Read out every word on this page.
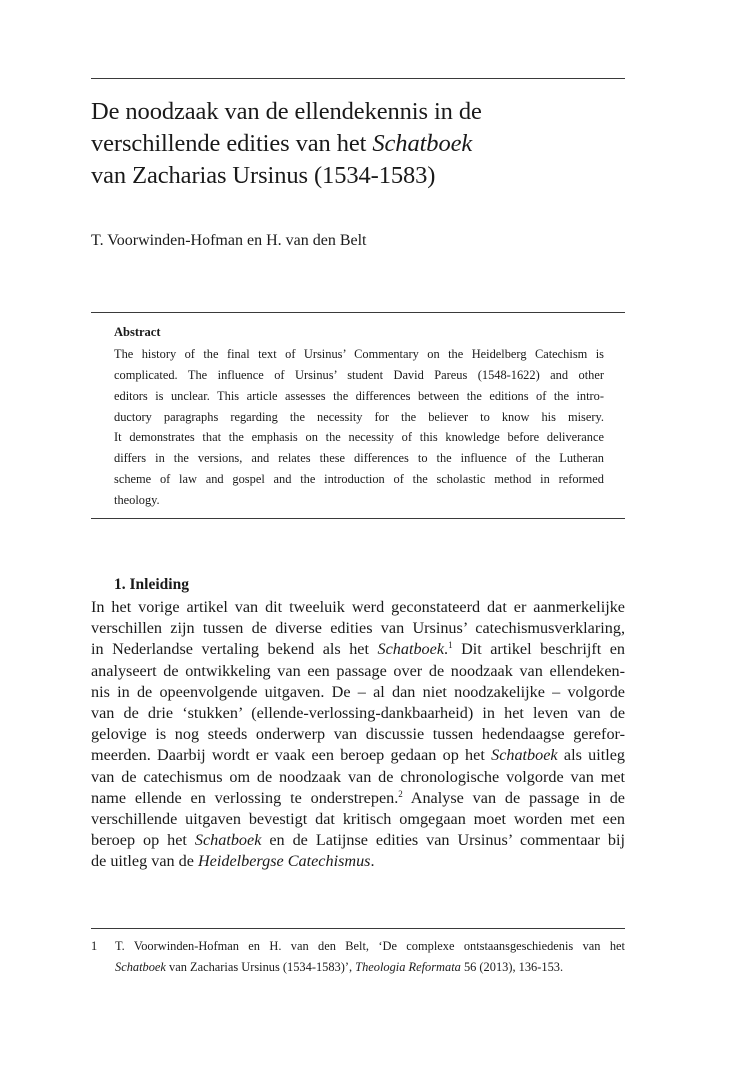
De noodzaak van de ellendekennis in de
verschillende edities van het Schatboek
van Zacharias Ursinus (1534-1583)

T. Voorwinden-Hofman en H. van den Belt

Abstract

The history of the final text of Ursinus’ Commentary on the Heidelberg Catechism is
complicated. The influence of Ursinus’ student David Pareus (1548-1622) and other
editors is unclear. This article assesses the differences between the editions of the intro-
ductory paragraphs regarding the necessity for the believer to know his misery.
It demonstrates that the emphasis on the necessity of this knowledge before deliverance
differs in the versions, and relates these differences to the influence of the Lutheran
scheme of law and gospel and the introduction of the scholastic method in reformed
theology.

1. Inleiding

In het vorige artikel van dit tweeluik werd geconstateerd dat er aanmerkelijke
verschillen zijn tussen de diverse edities van Ursinus’ catechismusverklaring,
in Nederlandse vertaling bekend als het Schatboek.$^1$ Dit artikel beschrijft en
analyseert de ontwikkeling van een passage over de noodzaak van ellendeken-
nis in de opeenvolgende uitgaven. De – al dan niet noodzakelijke – volgorde
van de drie ‘stukken’ (ellende-verlossing-dankbaarheid) in het leven van de
gelovige is nog steeds onderwerp van discussie tussen hedendaagse gerefor-
meerden. Daarbij wordt er vaak een beroep gedaan op het Schatboek als uitleg
van de catechismus om de noodzaak van de chronologische volgorde van met
name ellende en verlossing te onderstrepen.$^2$ Analyse van de passage in de
verschillende uitgaven bevestigt dat kritisch omgegaan moet worden met een
beroep op het Schatboek en de Latijnse edities van Ursinus’ commentaar bij
de uitleg van de Heidelbergse Catechismus.

1 T. Voorwinden-Hofman en H. van den Belt, ‘De complexe ontstaansgeschiedenis van het
Schatboek van Zacharias Ursinus (1534-1583)’, Theologia Reformata 56 (2013), 136-153.
